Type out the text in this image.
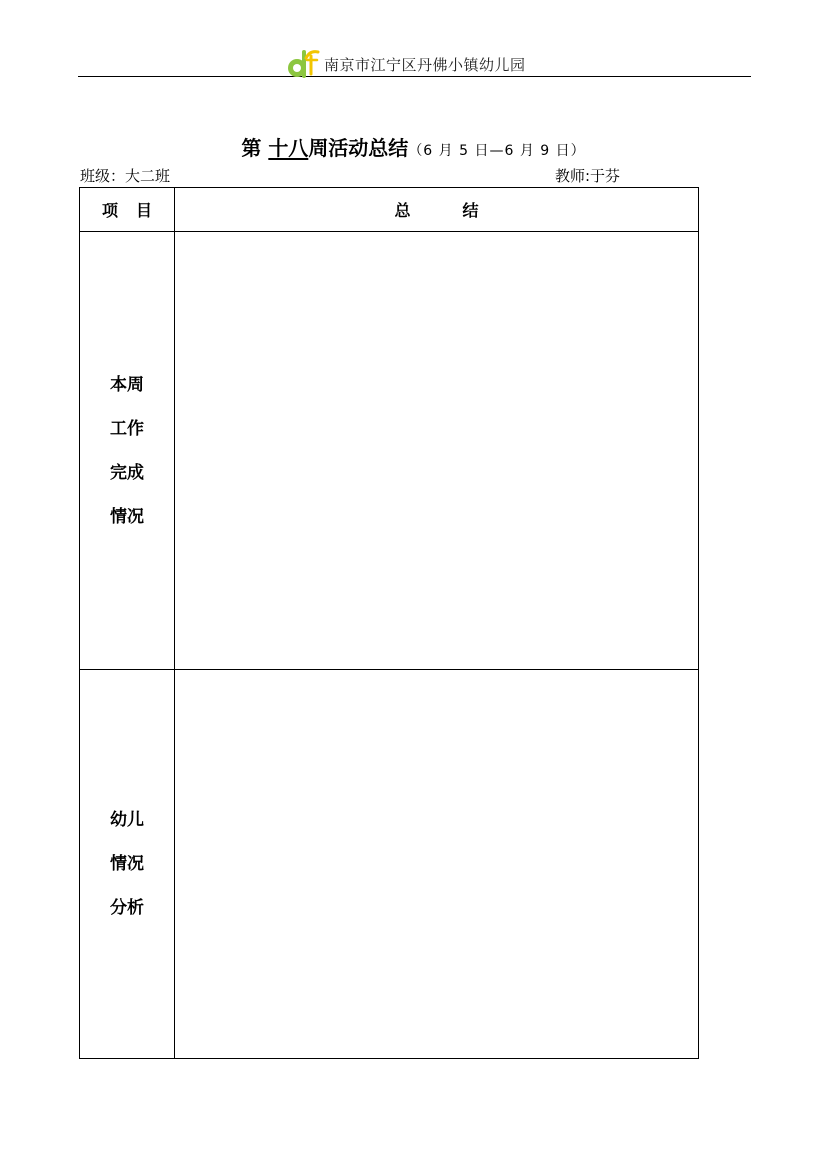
南京市江宁区丹佛小镇幼儿园
第 十八周活动总结（6 月 5 日—6 月 9 日）
班级：大二班	教师:于芬
项目	总结

本周
工作
完成
情况	

幼儿
情况
分析	
